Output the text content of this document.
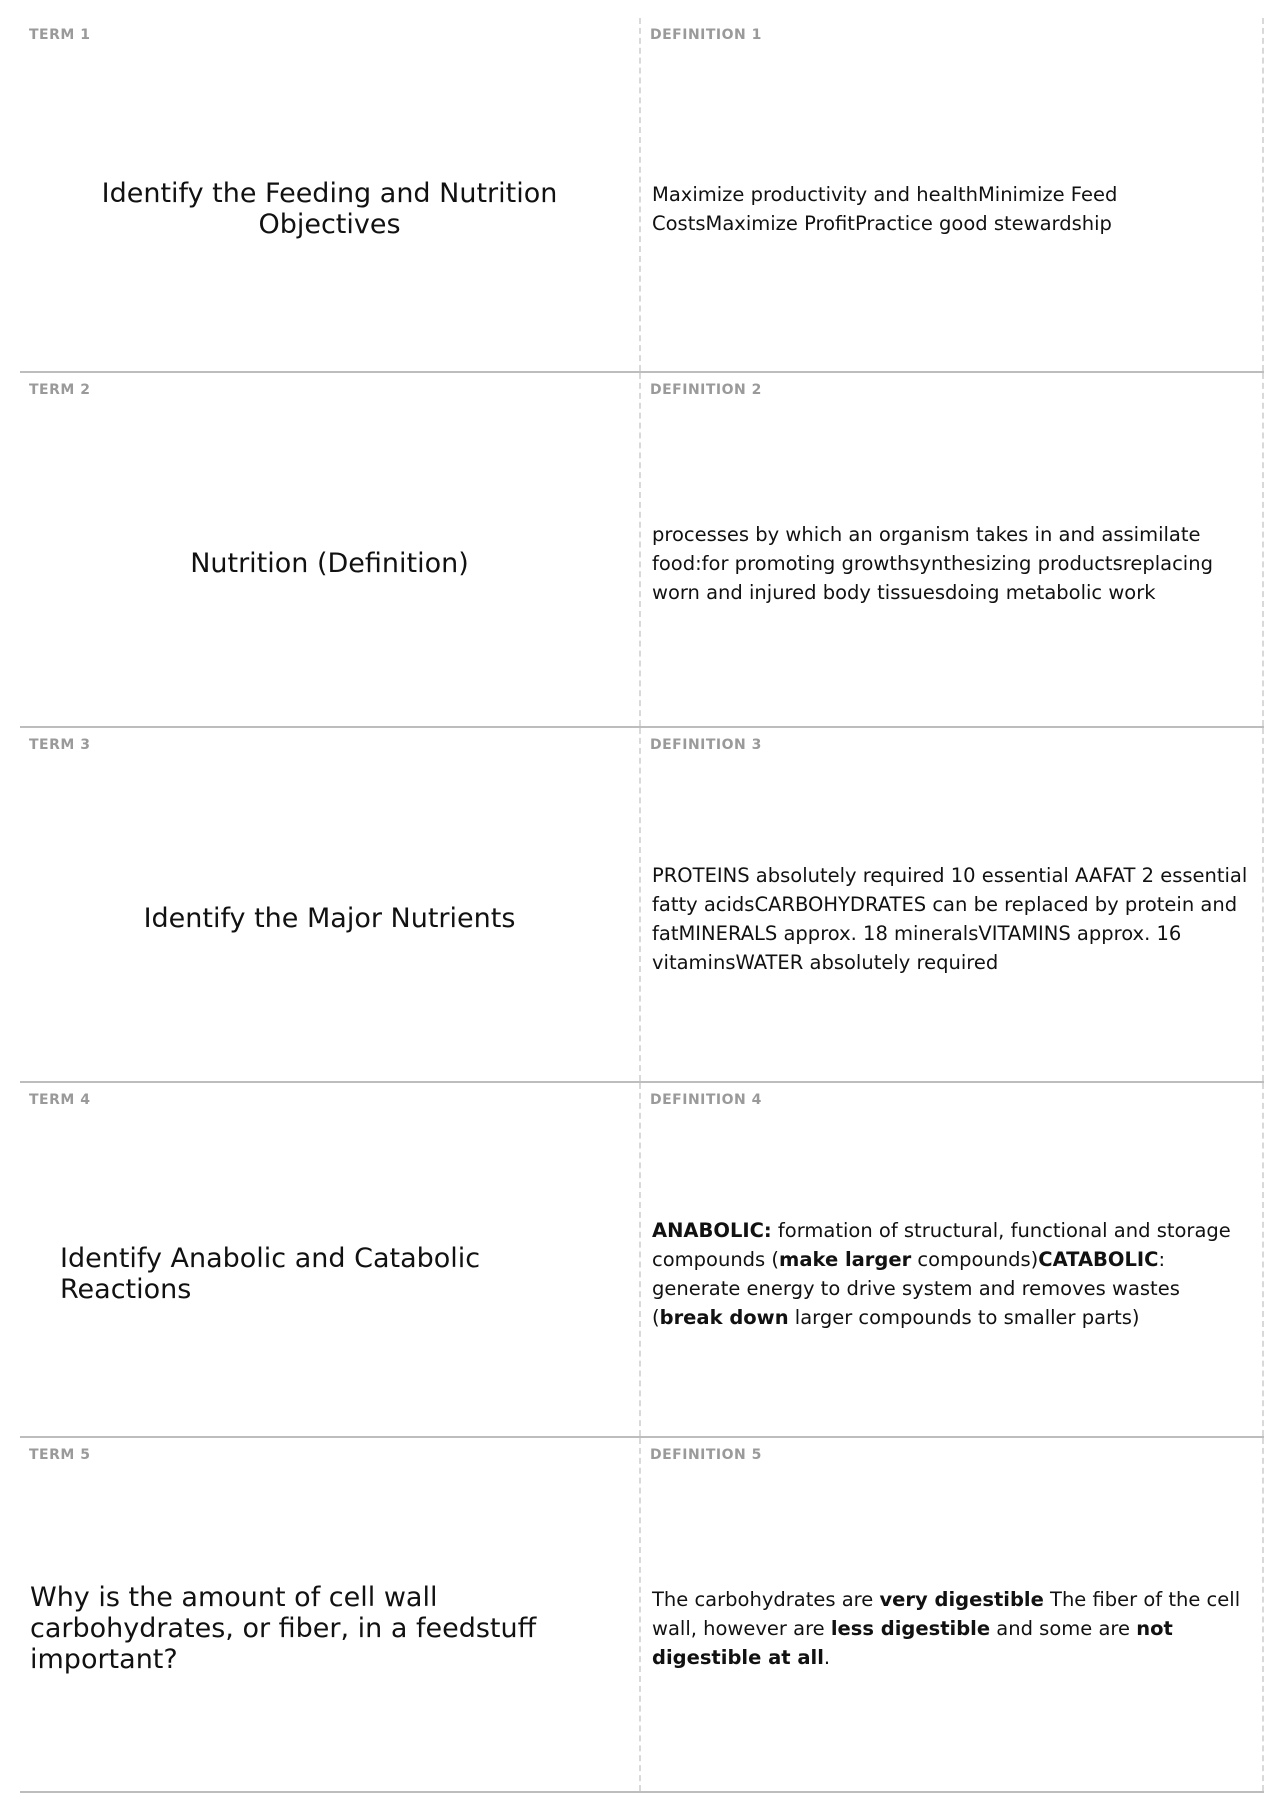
TERM 1
Identify the Feeding and Nutrition Objectives
DEFINITION 1
Maximize productivity and healthMinimize Feed CostsMaximize ProfitPractice good stewardship
TERM 2
Nutrition (Definition)
DEFINITION 2
processes by which an organism takes in and assimilate food:for promoting growthsynthesizing productsreplacing worn and injured body tissuesdoing metabolic work
TERM 3
Identify the Major Nutrients
DEFINITION 3
PROTEINS absolutely required 10 essential AAFAT 2 essential fatty acidsCARBOHYDRATES can be replaced by protein and fatMINERALS approx. 18 mineralsVITAMINS approx. 16 vitaminsWATER absolutely required
TERM 4
Identify Anabolic and Catabolic Reactions
DEFINITION 4
ANABOLIC: formation of structural, functional and storage compounds (make larger compounds)CATABOLIC: generate energy to drive system and removes wastes (break down larger compounds to smaller parts)
TERM 5
Why is the amount of cell wall carbohydrates, or fiber, in a feedstuff important?
DEFINITION 5
The carbohydrates are very digestible The fiber of the cell wall, however are less digestible and some are not digestible at all.
